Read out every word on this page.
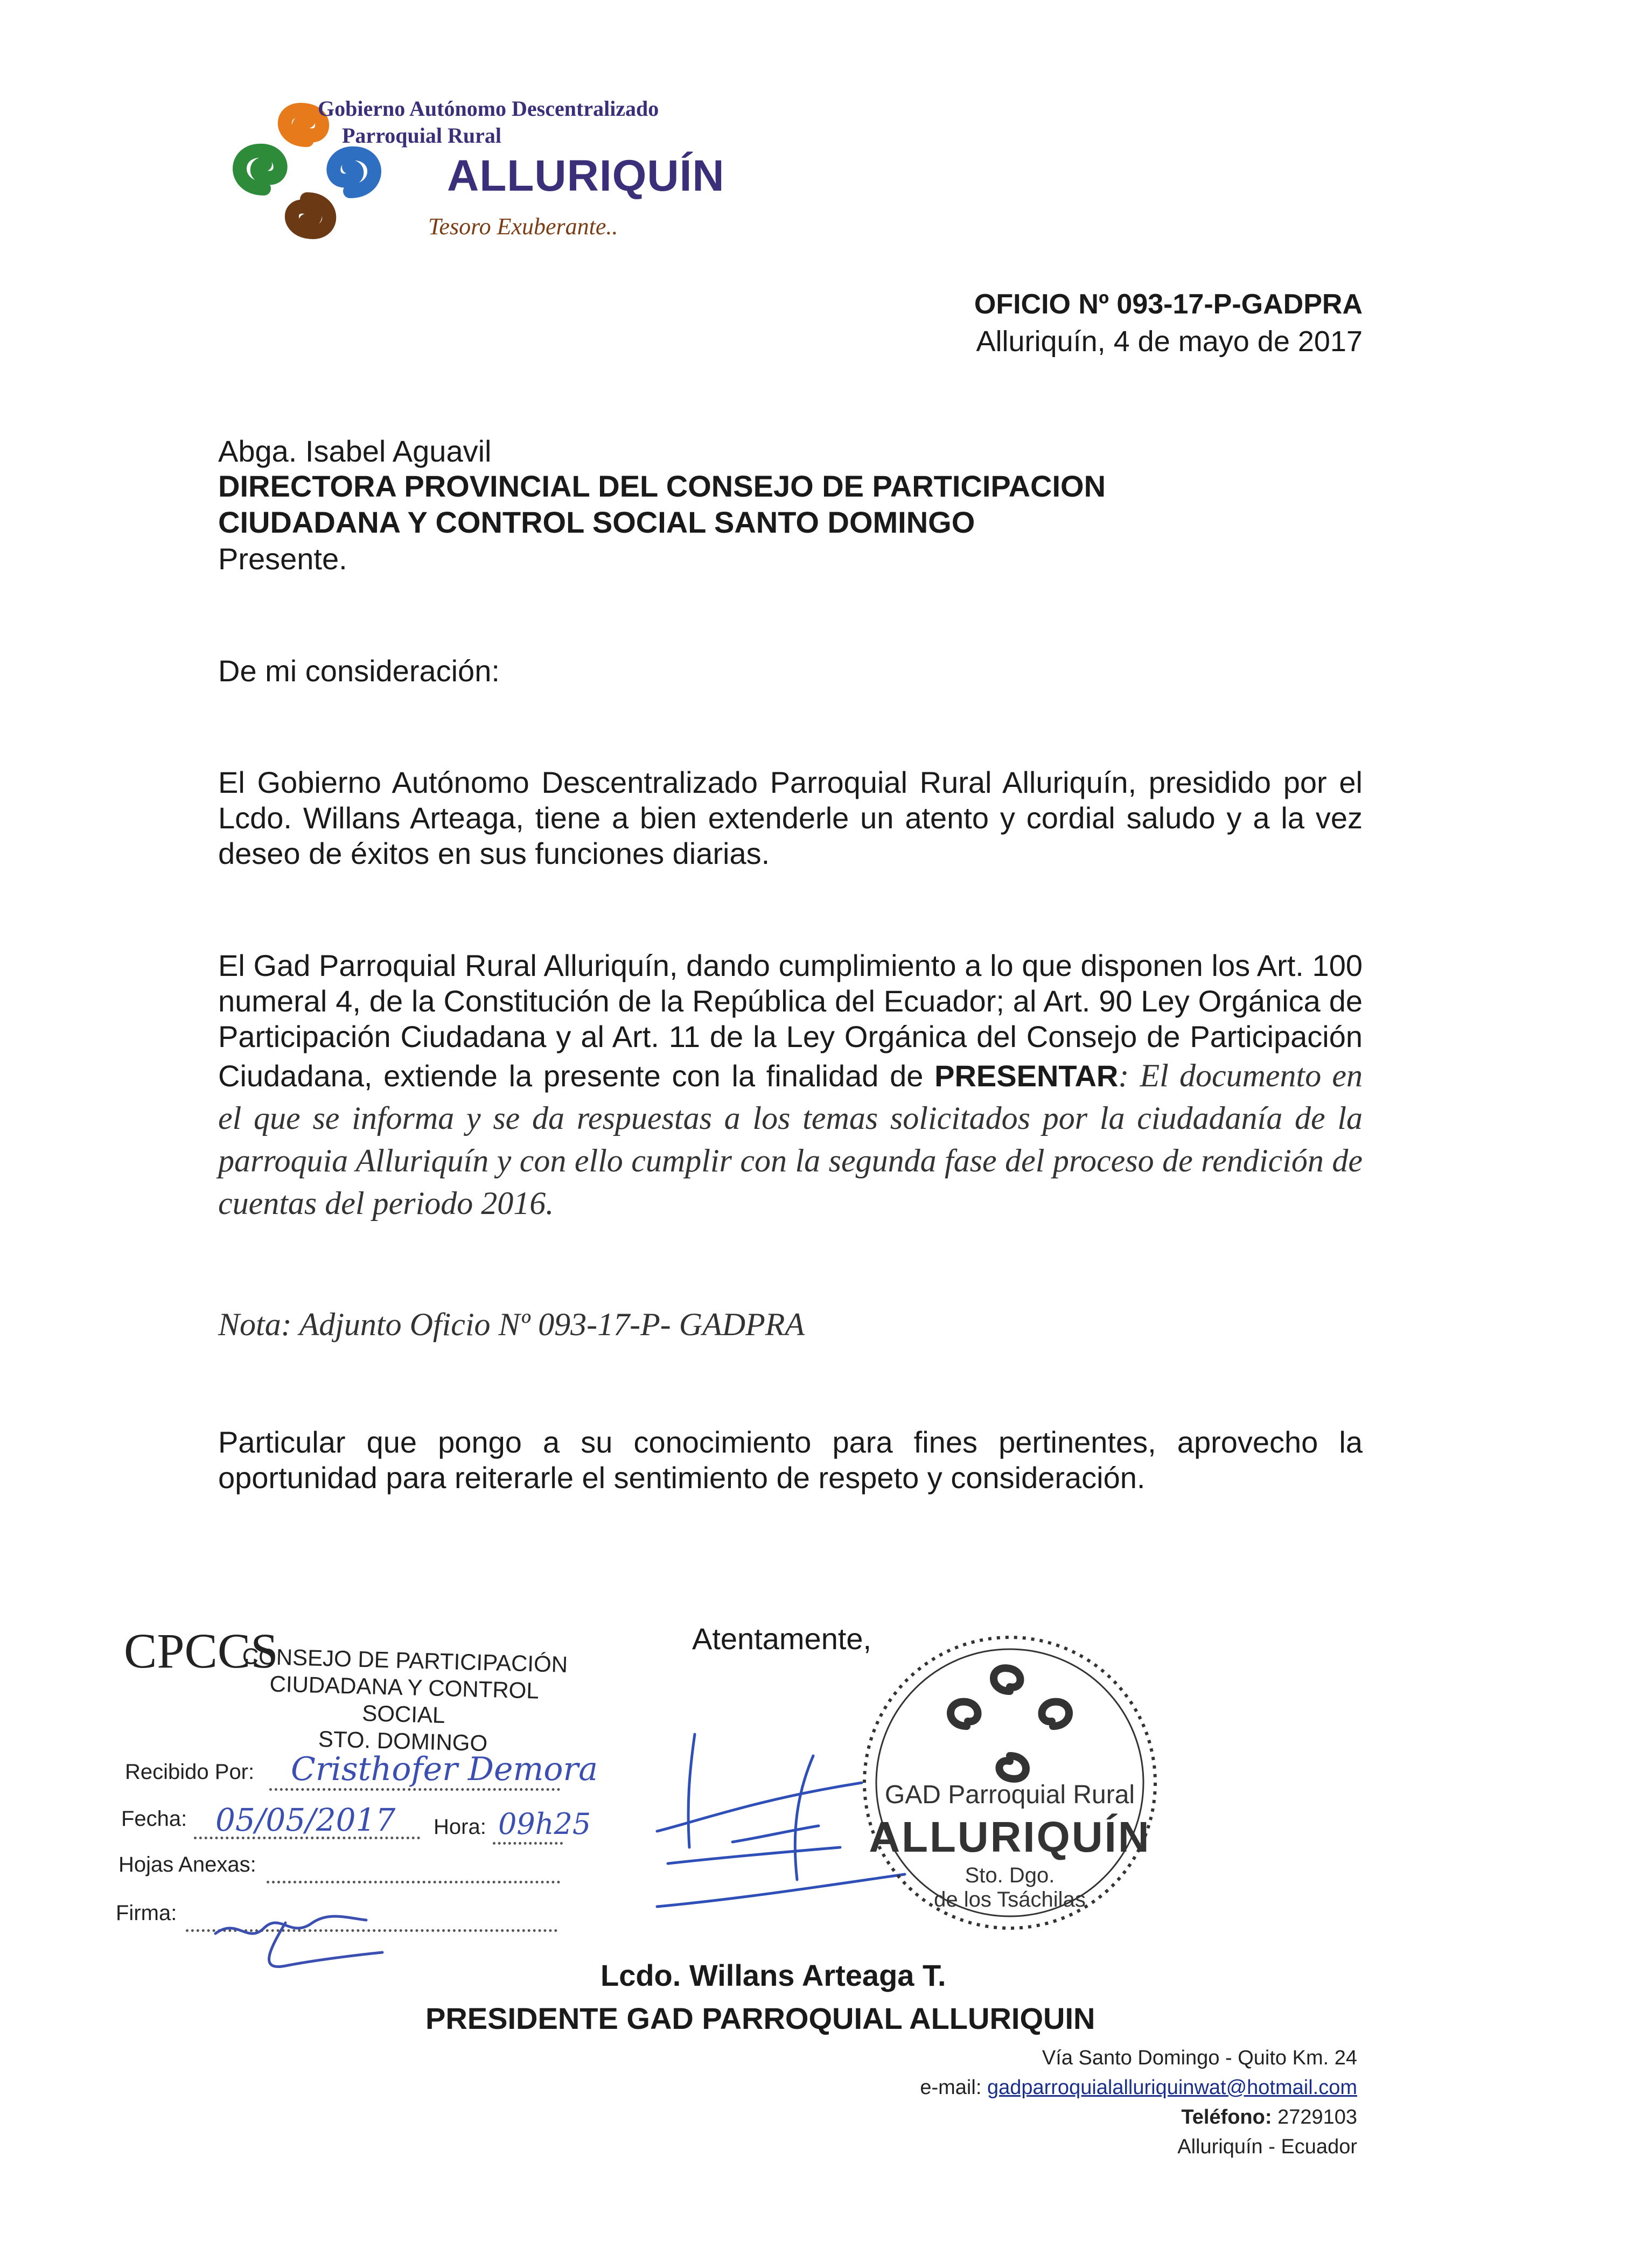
Gobierno Autónomo Descentralizado
Parroquial Rural
ALLURIQUÍN
Tesoro Exuberante..
OFICIO Nº 093-17-P-GADPRA
Alluriquín, 4 de mayo de 2017
Abga. Isabel Aguavil
DIRECTORA PROVINCIAL DEL CONSEJO DE PARTICIPACION
CIUDADANA Y CONTROL SOCIAL SANTO DOMINGO
Presente.
De mi consideración:
El Gobierno Autónomo Descentralizado Parroquial Rural Alluriquín, presidido por el Lcdo. Willans Arteaga, tiene a bien extenderle un atento y cordial saludo y a la vez deseo de éxitos en sus funciones diarias.
El Gad Parroquial Rural Alluriquín, dando cumplimiento a lo que disponen los Art. 100 numeral 4, de la Constitución de la República del Ecuador; al Art. 90 Ley Orgánica de Participación Ciudadana y al Art. 11 de la Ley Orgánica del Consejo de Participación Ciudadana, extiende la presente con la finalidad de PRESENTAR: El documento en el que se informa y se da respuestas a los temas solicitados por la ciudadanía de la parroquia Alluriquín y con ello cumplir con la segunda fase del proceso de rendición de cuentas del periodo 2016.
Nota: Adjunto Oficio Nº 093-17-P- GADPRA
Particular que pongo a su conocimiento para fines pertinentes, aprovecho la oportunidad para reiterarle el sentimiento de respeto y consideración.
CPCCS
CONSEJO DE PARTICIPACIÓN
CIUDADANA Y CONTROL SOCIAL
STO. DOMINGO
Recibido Por: Cristhofer Demora
Fecha: 05/05/2017 Hora: 09h25
Hojas Anexas:
Firma:
Atentamente,
GAD Parroquial Rural
ALLURIQUÍN
Sto. Dgo.
de los Tsáchilas
Lcdo. Willans Arteaga T.
PRESIDENTE GAD PARROQUIAL ALLURIQUIN
Vía Santo Domingo - Quito Km. 24
e-mail: gadparroquialalluriquinwat@hotmail.com
Teléfono: 2729103
Alluriquín - Ecuador
